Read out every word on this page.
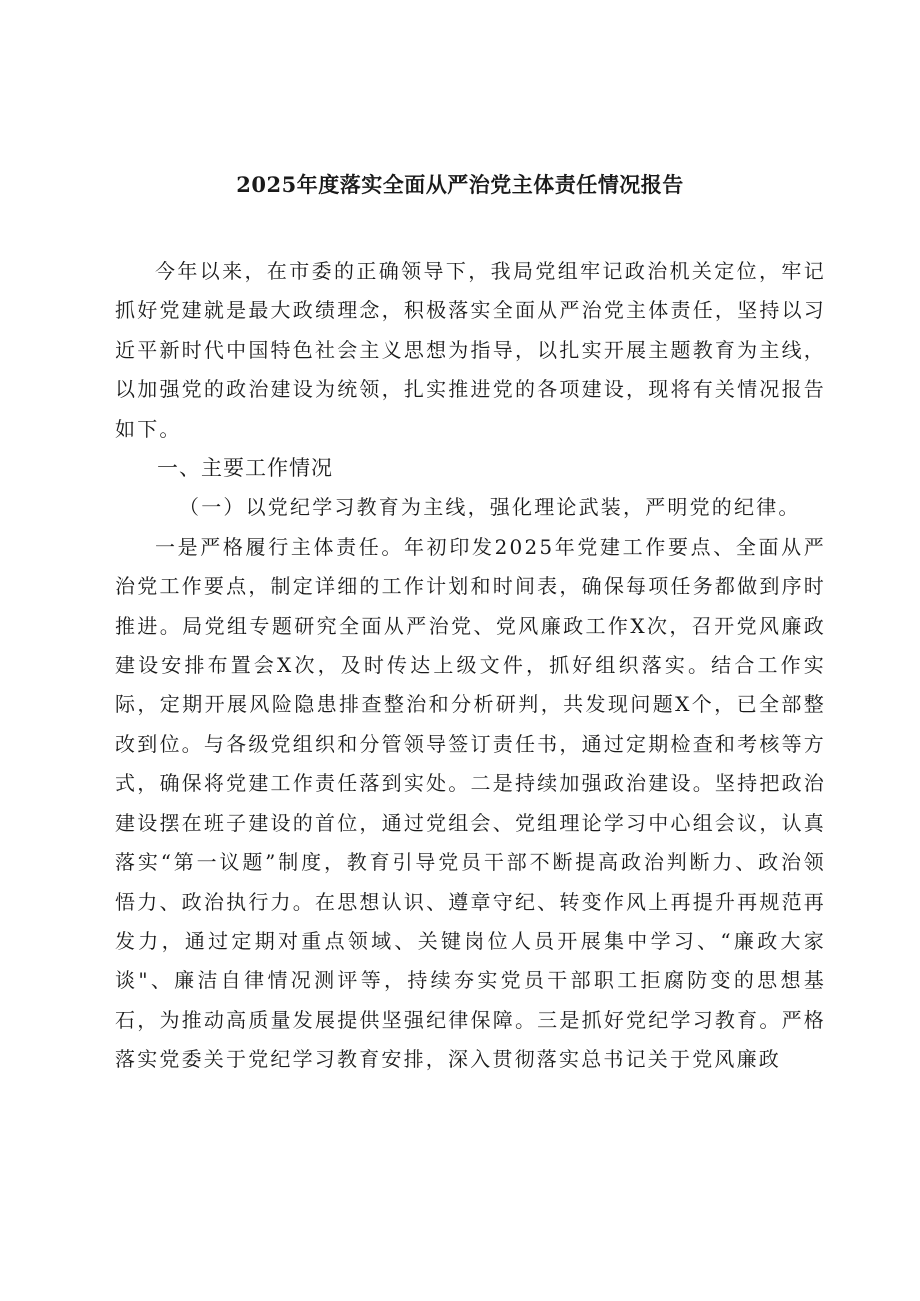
2025年度落实全面从严治党主体责任情况报告

今年以来，在市委的正确领导下，我局党组牢记政治机关定位，牢记抓好党建就是最大政绩理念，积极落实全面从严治党主体责任，坚持以习近平新时代中国特色社会主义思想为指导，以扎实开展主题教育为主线，以加强党的政治建设为统领，扎实推进党的各项建设，现将有关情况报告如下。

一、主要工作情况

（一）以党纪学习教育为主线，强化理论武装，严明党的纪律。

一是严格履行主体责任。年初印发2025年党建工作要点、全面从严治党工作要点，制定详细的工作计划和时间表，确保每项任务都做到序时推进。局党组专题研究全面从严治党、党风廉政工作X次，召开党风廉政建设安排布置会X次，及时传达上级文件，抓好组织落实。结合工作实际，定期开展风险隐患排查整治和分析研判，共发现问题X个，已全部整改到位。与各级党组织和分管领导签订责任书，通过定期检查和考核等方式，确保将党建工作责任落到实处。二是持续加强政治建设。坚持把政治建设摆在班子建设的首位，通过党组会、党组理论学习中心组会议，认真落实“第一议题”制度，教育引导党员干部不断提高政治判断力、政治领悟力、政治执行力。在思想认识、遵章守纪、转变作风上再提升再规范再发力，通过定期对重点领域、关键岗位人员开展集中学习、“廉政大家谈"、廉洁自律情况测评等，持续夯实党员干部职工拒腐防变的思想基石，为推动高质量发展提供坚强纪律保障。三是抓好党纪学习教育。严格落实党委关于党纪学习教育安排，深入贯彻落实总书记关于党风廉政
